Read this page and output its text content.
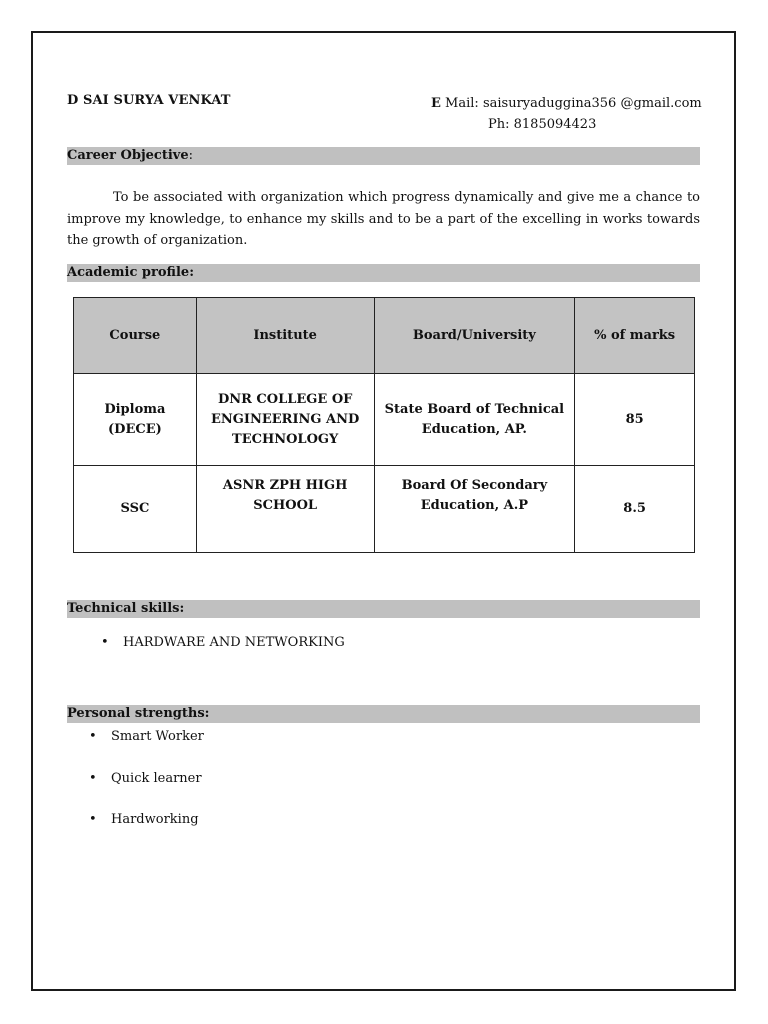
D SAI SURYA VENKAT	E Mail: saisuryaduggina356 @gmail.com
Ph: 8185094423
Career Objective:
To be associated with organization which progress dynamically and give me a chance to improve my knowledge, to enhance my skills and to be a part of the excelling in works towards the growth of organization.
Academic profile:
Course	Institute	Board/University	% of marks
Diploma (DECE)	DNR COLLEGE OF ENGINEERING AND TECHNOLOGY	State Board of Technical Education, AP.	85
SSC	ASNR ZPH HIGH SCHOOL	Board Of Secondary Education, A.P	8.5
Technical skills:
• HARDWARE AND NETWORKING
Personal strengths:
• Smart Worker
• Quick learner
• Hardworking
